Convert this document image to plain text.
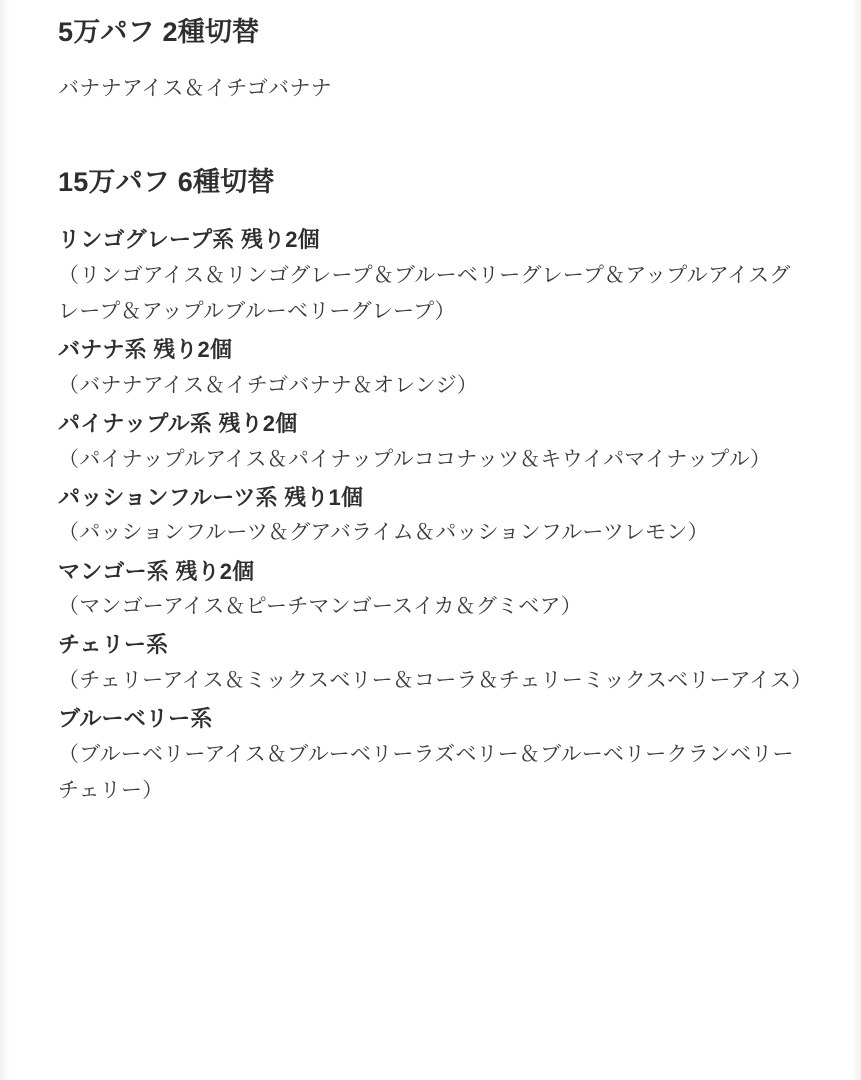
5万パフ 2種切替

バナナアイス＆イチゴバナナ

15万パフ 6種切替

リンゴグレープ系 残り2個

（リンゴアイス＆リンゴグレープ＆ブルーベリーグレープ＆アップルアイスグレープ＆アップルブルーベリーグレープ）

バナナ系 残り2個

（バナナアイス＆イチゴバナナ＆オレンジ）

パイナップル系 残り2個

（パイナップルアイス＆パイナップルココナッツ＆キウイパマイナップル）

パッションフルーツ系 残り1個

（パッションフルーツ＆グアバライム＆パッションフルーツレモン）

マンゴー系 残り2個

（マンゴーアイス＆ピーチマンゴースイカ＆グミベア）

チェリー系

（チェリーアイス＆ミックスベリー＆コーラ＆チェリーミックスベリーアイス）

ブルーベリー系

（ブルーベリーアイス＆ブルーベリーラズベリー＆ブルーベリークランベリーチェリー）
